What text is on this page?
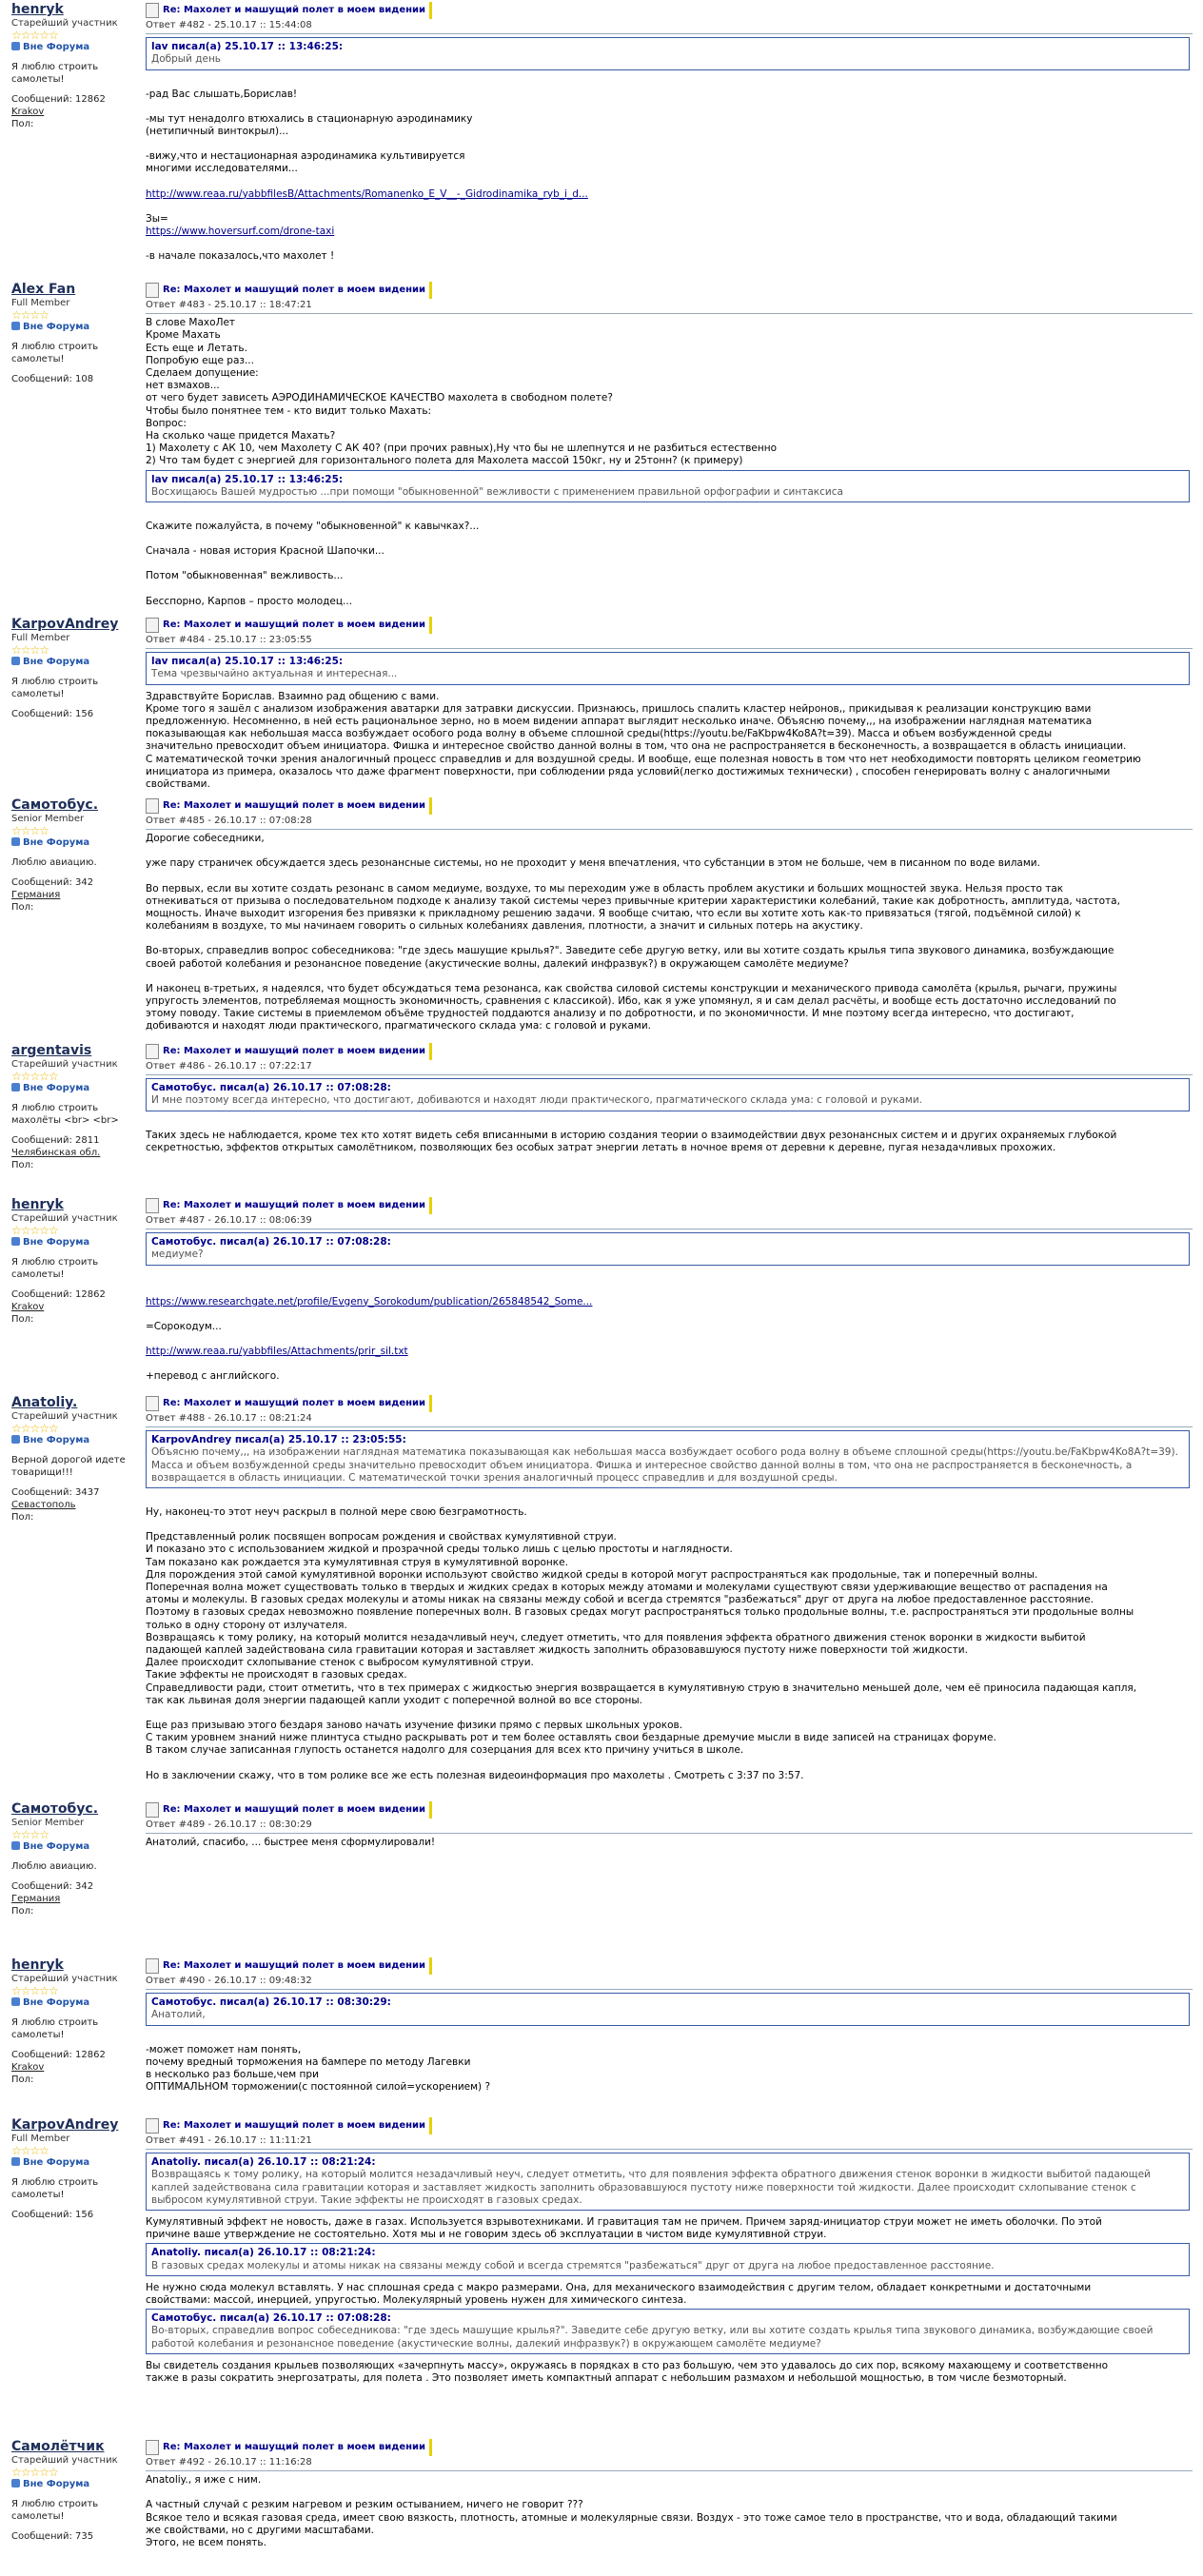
henryk
Старейший участник
☆☆☆☆☆
Вне Форума
Я люблю строить самолеты!
Сообщений: 12862
Krakov
Пол:
Re: Махолет и машущий полет в моем видении
Ответ #482 - 25.10.17 :: 15:44:08
lav писал(а) 25.10.17 :: 13:46:25:
Добрый день

-рад Вас слышать,Борислав!

-мы тут ненадолго втюхались в стационарную аэродинамику

(нетипичный винтокрыл)...

-вижу,что и нестационарная аэродинамика культивируется

многими исследователями...

http://www.reaa.ru/yabbfilesB/Attachments/Romanenko_E_V__-_Gidrodinamika_ryb_i_d...

Зы=

https://www.hoversurf.com/drone-taxi

-в начале показалось,что махолет !

Alex Fan
Full Member
☆☆☆☆
Вне Форума
Я люблю строить самолеты!
Сообщений: 108
Re: Махолет и машущий полет в моем видении
Ответ #483 - 25.10.17 :: 18:47:21

В слове МахоЛет

Кроме Махать

Есть еще и Летать.

Попробую еще раз...

Сделаем допущение:

нет взмахов...

от чего будет зависеть АЭРОДИНАМИЧЕСКОЕ КАЧЕСТВО махолета в свободном полете?

Чтобы было понятнее тем - кто видит только Махать:

Вопрос:

На сколько чаще придется Махать?

1) Махолету с АК 10, чем Махолету С АК 40? (при прочих равных),Ну что бы не шлепнутся и не разбиться естественно

2) Что там будет с энергией для горизонтального полета для Махолета массой 150кг, ну и 25тонн? (к примеру)

lav писал(а) 25.10.17 :: 13:46:25:
Восхищаюсь Вашей мудростью ...при помощи "обыкновенной" вежливости с применением правильной орфографии и синтаксиса

Скажите пожалуйста, в почему "обыкновенной" к кавычках?...

Сначала - новая история Красной Шапочки...

Потом "обыкновенная" вежливость...

Бесспорно, Карпов – просто молодец...

KarpovAndrey
Full Member
☆☆☆☆
Вне Форума
Я люблю строить самолеты!
Сообщений: 156
Re: Махолет и машущий полет в моем видении
Ответ #484 - 25.10.17 :: 23:05:55
lav писал(а) 25.10.17 :: 13:46:25:
Тема чрезвычайно актуальная и интересная...

Здравствуйте Борислав. Взаимно рад общению с вами.

Кроме того я зашёл с анализом изображения аватарки для затравки дискуссии. Признаюсь, пришлось спалить кластер нейронов,, прикидывая к реализации конструкцию вами

предложенную. Несомненно, в ней есть рациональное зерно, но в моем видении аппарат выглядит несколько иначе. Объясню почему,,, на изображении наглядная математика

показывающая как небольшая масса возбуждает особого рода волну в объеме сплошной среды(https://youtu.be/FaKbpw4Ko8A?t=39). Масса и объем возбужденной среды

значительно превосходит объем инициатора. Фишка и интересное свойство данной волны в том, что она не распространяется в бесконечность, а возвращается в область инициации.

С математической точки зрения аналогичный процесс справедлив и для воздушной среды. И вообще, еще полезная новость в том что нет необходимости повторять целиком геометрию

инициатора из примера, оказалось что даже фрагмент поверхности, при соблюдении ряда условий(легко достижимых технически) , способен генерировать волну с аналогичными

свойствами.

Самотобус.
Senior Member
☆☆☆☆
Вне Форума
Люблю авиацию.
Сообщений: 342
Германия
Пол:
Re: Махолет и машущий полет в моем видении
Ответ #485 - 26.10.17 :: 07:08:28

Дорогие собеседники,

уже пару страничек обсуждается здесь резонансные системы, но не проходит у меня впечатления, что субстанции в этом не больше, чем в писанном по воде вилами.

Во первых, если вы хотите создать резонанс в самом медиуме, воздухе, то мы переходим уже в область проблем акустики и больших мощностей звука. Нельзя просто так

отнекиваться от призыва о последовательном подходе к анализу такой системы через привычные критерии характеристики колебаний, такие как добротность, амплитуда, частота,

мощность. Иначе выходит изгорения без привязки к прикладному решению задачи. Я вообще считаю, что если вы хотите хоть как-то привязаться (тягой, подъёмной силой) к

колебаниям в воздухе, то мы начинаем говорить о сильных колебаниях давления, плотности, а значит и сильных потерь на акустику.

Во-вторых, справедлив вопрос собеседникова: "где здесь машущие крылья?". Заведите себе другую ветку, или вы хотите создать крылья типа звукового динамика, возбуждающие

своей работой колебания и резонансное поведение (акустические волны, далекий инфразвук?) в окружающем самолёте медиуме?

И наконец в-третьих, я надеялся, что будет обсуждаться тема резонанса, как свойства силовой системы конструкции и механического привода самолёта (крылья, рычаги, пружины

упругость элементов, потребляемая мощность экономичность, сравнения с классикой). Ибо, как я уже упомянул, я и сам делал расчёты, и вообще есть достаточно исследований по

этому поводу. Такие системы в приемлемом объёме трудностей поддаются анализу и по добротности, и по экономичности. И мне поэтому всегда интересно, что достигают,

добиваются и находят люди практического, прагматического склада ума: с головой и руками.

argentavis
Старейший участник
☆☆☆☆☆
Вне Форума
Я люблю строить махолёты <br> <br>
Сообщений: 2811
Челябинская обл.
Пол:
Re: Махолет и машущий полет в моем видении
Ответ #486 - 26.10.17 :: 07:22:17
Самотобус. писал(а) 26.10.17 :: 07:08:28:
И мне поэтому всегда интересно, что достигают, добиваются и находят люди практического, прагматического склада ума: с головой и руками.

Таких здесь не наблюдается, кроме тех кто хотят видеть себя вписанными в историю создания теории о взаимодействии двух резонансных систем и и других охраняемых глубокой

секретностью, эффектов открытых самолётником, позволяющих без особых затрат энергии летать в ночное время от деревни к деревне, пугая незадачливых прохожих.

henryk
Старейший участник
☆☆☆☆☆
Вне Форума
Я люблю строить самолеты!
Сообщений: 12862
Krakov
Пол:
Re: Махолет и машущий полет в моем видении
Ответ #487 - 26.10.17 :: 08:06:39
Самотобус. писал(а) 26.10.17 :: 07:08:28:
медиуме?

https://www.researchgate.net/profile/Evgeny_Sorokodum/publication/265848542_Some...

=Сорокодум...

http://www.reaa.ru/yabbfiles/Attachments/prir_sil.txt

+перевод с английского.

Anatoliy.
Старейший участник
☆☆☆☆☆
Вне Форума
Верной дорогой идете товарищи!!!
Сообщений: 3437
Севастополь
Пол:
Re: Махолет и машущий полет в моем видении
Ответ #488 - 26.10.17 :: 08:21:24
KarpovAndrey писал(а) 25.10.17 :: 23:05:55:
Объясню почему,,, на изображении наглядная математика показывающая как небольшая масса возбуждает особого рода волну в объеме сплошной среды(https://youtu.be/FaKbpw4Ko8A?t=39). Масса и объем возбужденной среды значительно превосходит объем инициатора. Фишка и интересное свойство данной волны в том, что она не распространяется в бесконечность, а возвращается в область инициации. С математической точки зрения аналогичный процесс справедлив и для воздушной среды.

Ну, наконец-то этот неуч раскрыл в полной мере свою безграмотность.

Представленный ролик посвящен вопросам рождения и свойствах кумулятивной струи.

И показано это с использованием жидкой и прозрачной среды только лишь с целью простоты и наглядности.

Там показано как рождается эта кумулятивная струя в кумулятивной воронке.

Для порождения этой самой кумулятивной воронки используют свойство жидкой среды в которой могут распространяться как продольные, так и поперечный волны.

Поперечная волна может существовать только в твердых и жидких средах в которых между атомами и молекулами существуют связи удерживающие вещество от распадения на

атомы и молекулы. В газовых средах молекулы и атомы никак на связаны между собой и всегда стремятся "разбежаться" друг от друга на любое предоставленное расстояние.

Поэтому в газовых средах невозможно появление поперечных волн. В газовых средах могут распространяться только продольные волны, т.е. распространяться эти продольные волны

только в одну сторону от излучателя.

Возвращаясь к тому ролику, на который молится незадачливый неуч, следует отметить, что для появления эффекта обратного движения стенок воронки в жидкости выбитой

падающей каплей задействована сила гравитации которая и заставляет жидкость заполнить образовавшуюся пустоту ниже поверхности той жидкости.

Далее происходит схлопывание стенок с выбросом кумулятивной струи.

Такие эффекты не происходят в газовых средах.

Справедливости ради, стоит отметить, что в тех примерах с жидкостью энергия возвращается в кумулятивную струю в значительно меньшей доле, чем её приносила падающая капля,

так как львиная доля энергии падающей капли уходит с поперечной волной во все стороны.

Еще раз призываю этого бездаря заново начать изучение физики прямо с первых школьных уроков.

С таким уровнем знаний ниже плинтуса стыдно раскрывать рот и тем более оставлять свои бездарные дремучие мысли в виде записей на страницах форуме.

В таком случае записанная глупость останется надолго для созерцания для всех кто причину учиться в школе.

Но в заключении скажу, что в том ролике все же есть полезная видеоинформация про махолеты . Смотреть с 3:37 по 3:57.

Самотобус.
Senior Member
☆☆☆☆
Вне Форума
Люблю авиацию.
Сообщений: 342
Германия
Пол:
Re: Махолет и машущий полет в моем видении
Ответ #489 - 26.10.17 :: 08:30:29

Анатолий, спасибо, ... быстрее меня сформулировали!

henryk
Старейший участник
☆☆☆☆☆
Вне Форума
Я люблю строить самолеты!
Сообщений: 12862
Krakov
Пол:
Re: Махолет и машущий полет в моем видении
Ответ #490 - 26.10.17 :: 09:48:32
Самотобус. писал(а) 26.10.17 :: 08:30:29:
Анатолий,

-может поможет нам понять,

почему вредный торможения на бампере по методу Лагевки

в несколько раз больше,чем при

ОПТИМАЛЬНОМ торможении(с постоянной силой=ускорением) ?

KarpovAndrey
Full Member
☆☆☆☆
Вне Форума
Я люблю строить самолеты!
Сообщений: 156
Re: Махолет и машущий полет в моем видении
Ответ #491 - 26.10.17 :: 11:11:21
Anatoliy. писал(а) 26.10.17 :: 08:21:24:
Возвращаясь к тому ролику, на который молится незадачливый неуч, следует отметить, что для появления эффекта обратного движения стенок воронки в жидкости выбитой падающей каплей задействована сила гравитации которая и заставляет жидкость заполнить образовавшуюся пустоту ниже поверхности той жидкости. Далее происходит схлопывание стенок с выбросом кумулятивной струи. Такие эффекты не происходят в газовых средах.

Кумулятивный эффект не новость, даже в газах. Используется взрывотехниками. И гравитация там не причем. Причем заряд-инициатор струи может не иметь оболочки. По этой

причине ваше утверждение не состоятельно. Хотя мы и не говорим здесь об эксплуатации в чистом виде кумулятивной струи.

Anatoliy. писал(а) 26.10.17 :: 08:21:24:
В газовых средах молекулы и атомы никак на связаны между собой и всегда стремятся "разбежаться" друг от друга на любое предоставленное расстояние.

Не нужно сюда молекул вставлять. У нас сплошная среда с макро размерами. Она, для механического взаимодействия с другим телом, обладает конкретными и достаточными

свойствами: массой, инерцией, упругостью. Молекулярный уровень нужен для химического синтеза.

Самотобус. писал(а) 26.10.17 :: 07:08:28:
Во-вторых, справедлив вопрос собеседникова: "где здесь машущие крылья?". Заведите себе другую ветку, или вы хотите создать крылья типа звукового динамика, возбуждающие своей работой колебания и резонансное поведение (акустические волны, далекий инфразвук?) в окружающем самолёте медиуме?

Вы свидетель создания крыльев позволяющих «зачерпнуть массу», окружаясь в порядках в сто раз большую, чем это удавалось до сих пор, всякому махающему и соответственно

также в разы сократить энергозатраты, для полета . Это позволяет иметь компактный аппарат с небольшим размахом и небольшой мощностью, в том числе безмоторный.

Самолётчик
Старейший участник
☆☆☆☆☆
Вне Форума
Я люблю строить самолеты!
Сообщений: 735
Re: Махолет и машущий полет в моем видении
Ответ #492 - 26.10.17 :: 11:16:28

Anatoliy., я иже с ним.

А частный случай с резким нагревом и резким остыванием, ничего не говорит ???

Всякое тело и всякая газовая среда, имеет свою вязкость, плотность, атомные и молекулярные связи. Воздух - это тоже самое тело в пространстве, что и вода, обладающий такими

же свойствами, но с другими масштабами.

Этого, не всем понять.
